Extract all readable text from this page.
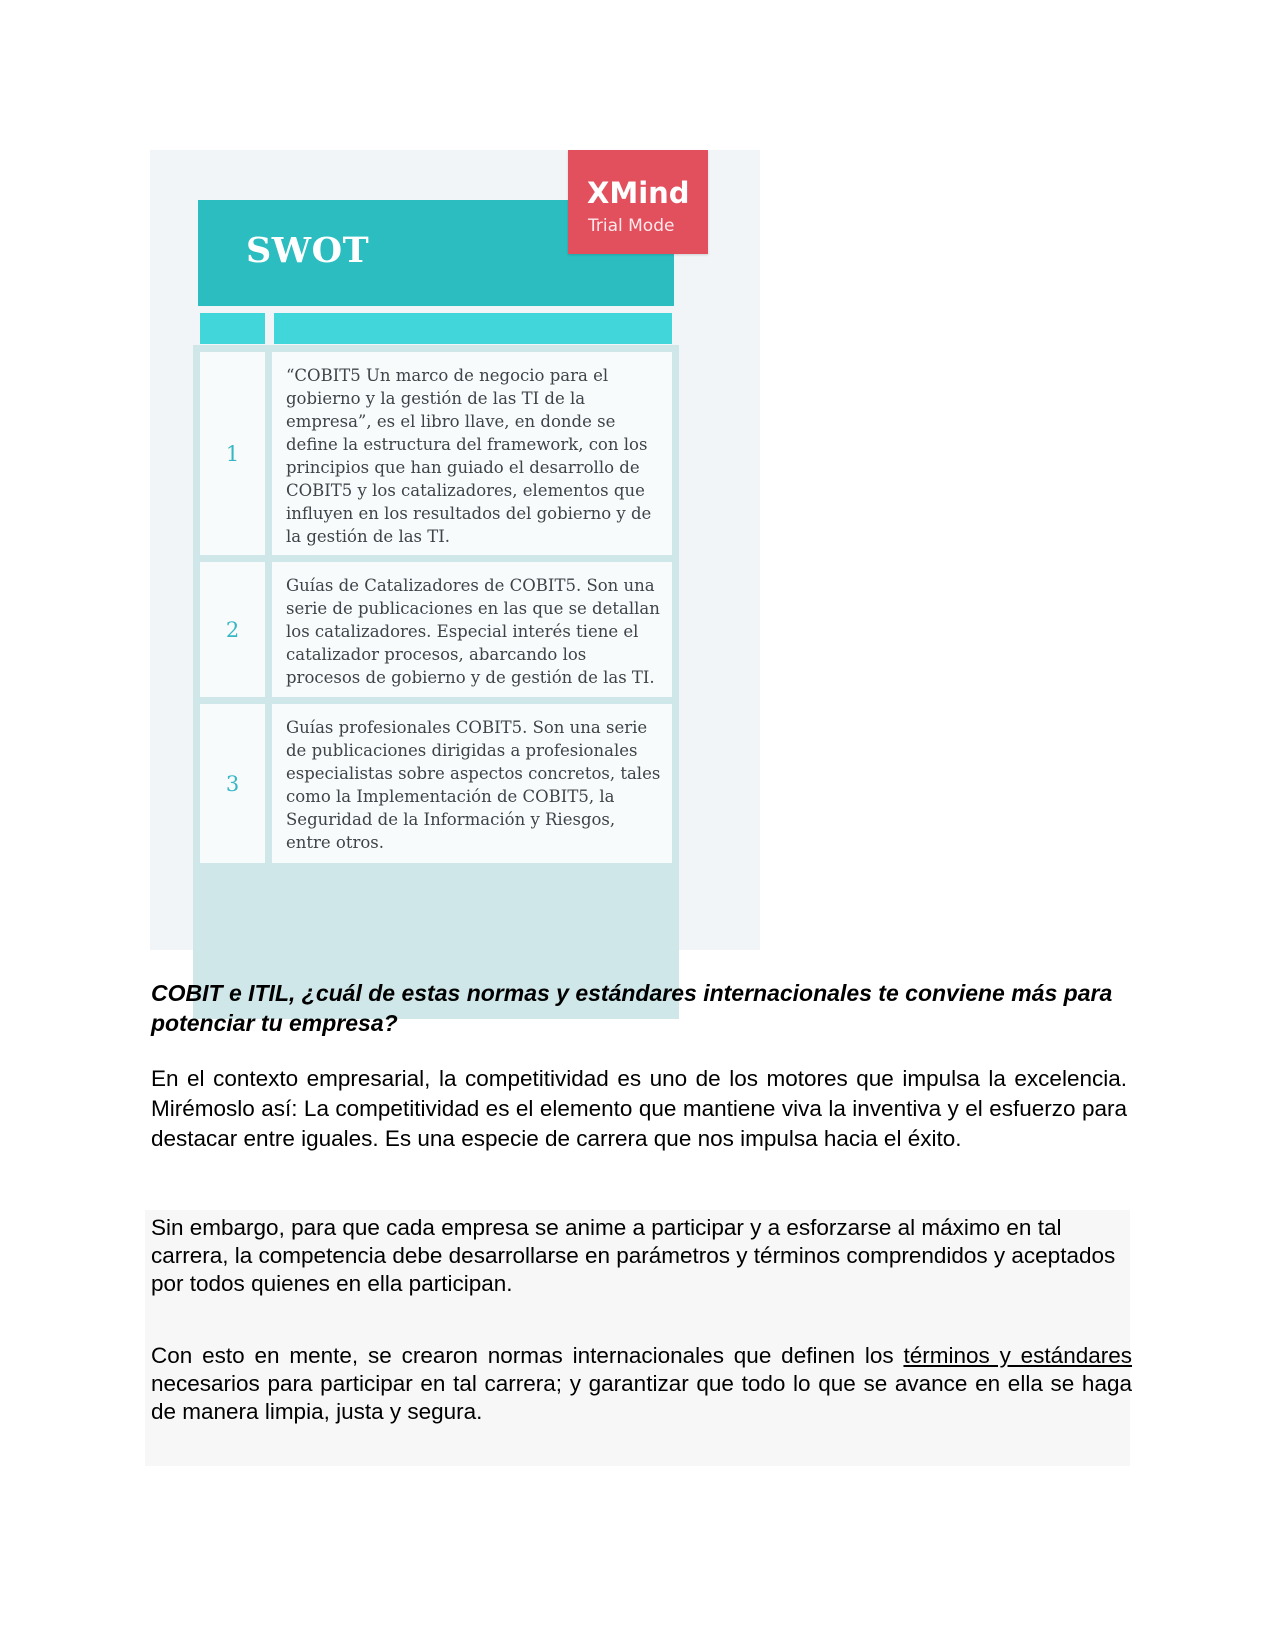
SWOT
XMind
Trial Mode
1
“COBIT5 Un marco de negocio para el
gobierno y la gestión de las TI de la
empresa”, es el libro llave, en donde se
define la estructura del framework, con los
principios que han guiado el desarrollo de
COBIT5 y los catalizadores, elementos que
influyen en los resultados del gobierno y de
la gestión de las TI.
2
Guías de Catalizadores de COBIT5. Son una
serie de publicaciones en las que se detallan
los catalizadores. Especial interés tiene el
catalizador procesos, abarcando los
procesos de gobierno y de gestión de las TI.
3
Guías profesionales COBIT5. Son una serie
de publicaciones dirigidas a profesionales
especialistas sobre aspectos concretos, tales
como la Implementación de COBIT5, la
Seguridad de la Información y Riesgos,
entre otros.
COBIT e ITIL, ¿cuál de estas normas y estándares internacionales te conviene más para potenciar tu empresa?
En el contexto empresarial, la competitividad es uno de los motores que impulsa la excelencia. Mirémoslo así: La competitividad es el elemento que mantiene viva la inventiva y el esfuerzo para destacar entre iguales. Es una especie de carrera que nos impulsa hacia el éxito.
Sin embargo, para que cada empresa se anime a participar y a esforzarse al máximo en tal carrera, la competencia debe desarrollarse en parámetros y términos comprendidos y aceptados por todos quienes en ella participan.
Con esto en mente, se crearon normas internacionales que definen los términos y estándares necesarios para participar en tal carrera; y garantizar que todo lo que se avance en ella se haga de manera limpia, justa y segura.
